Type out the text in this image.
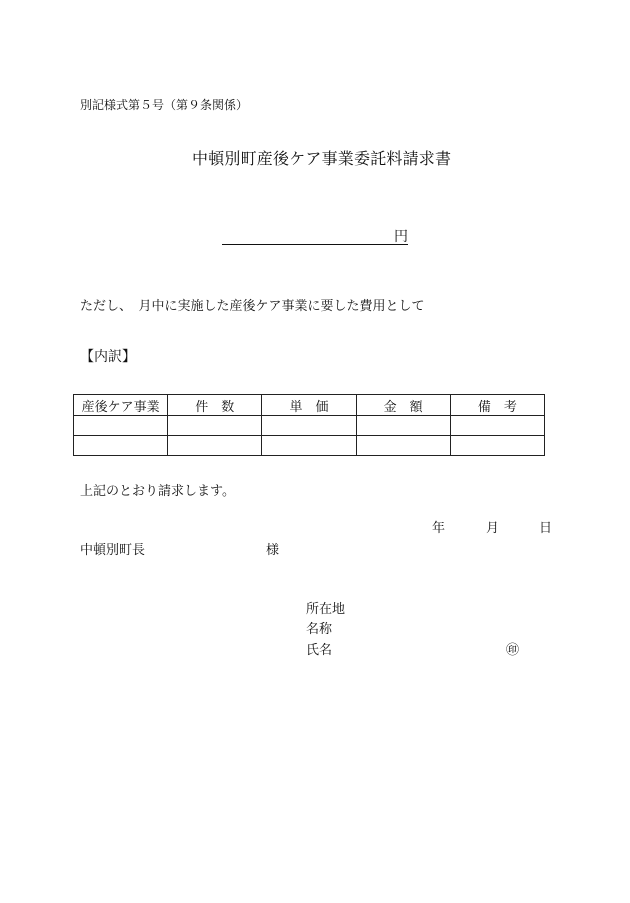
別記様式第５号（第９条関係）
中頓別町産後ケア事業委託料請求書
円
ただし、　月中に実施した産後ケア事業に要した費用として
【内訳】
産後ケア事業	件　数	単　価	金　額	備　考

上記のとおり請求します。
年	月	日
中頓別町長	様
所在地
名称
氏名	㊞
